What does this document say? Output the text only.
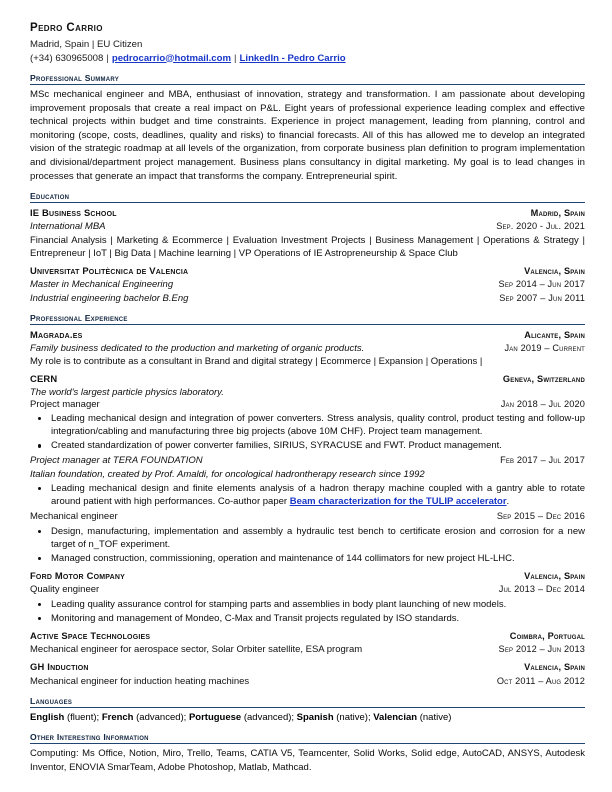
Pedro Carrio
Madrid, Spain | EU Citizen
(+34) 630965008 | pedrocarrio@hotmail.com | LinkedIn - Pedro Carrio
Professional Summary
MSc mechanical engineer and MBA, enthusiast of innovation, strategy and transformation. I am passionate about developing improvement proposals that create a real impact on P&L. Eight years of professional experience leading complex and effective technical projects within budget and time constraints. Experience in project management, leading from planning, control and monitoring (scope, costs, deadlines, quality and risks) to financial forecasts. All of this has allowed me to develop an integrated vision of the strategic roadmap at all levels of the organization, from corporate business plan definition to program implementation and divisional/department project management. Business plans consultancy in digital marketing. My goal is to lead changes in processes that generate an impact that transforms the company. Entrepreneurial spirit.
Education
IE Business School	Madrid, Spain
International MBA	Sep. 2020 - Jul. 2021
Financial Analysis | Marketing & Ecommerce | Evaluation Investment Projects | Business Management | Operations & Strategy | Entrepreneur | IoT | Big Data | Machine learning | VP Operations of IE Astropreneurship & Space Club
Universitat Politècnica de Valencia	Valencia, Spain
Master in Mechanical Engineering	Sep 2014 – Jun 2017
Industrial engineering bachelor B.Eng	Sep 2007 – Jun 2011
Professional Experience
Magrada.es	Alicante, Spain
Family business dedicated to the production and marketing of organic products.	Jan 2019 – Current
My role is to contribute as a consultant in Brand and digital strategy | Ecommerce | Expansion | Operations |
CERN	Geneva, Switzerland
The world's largest particle physics laboratory.
Project manager	Jan 2018 – Jul 2020
Leading mechanical design and integration of power converters. Stress analysis, quality control, product testing and follow-up integration/cabling and manufacturing three big projects (above 10M CHF). Project team management.
Created standardization of power converter families, SIRIUS, SYRACUSE and FWT. Product management.
Project manager at TERA FOUNDATION	Feb 2017 – Jul 2017
Italian foundation, created by Prof. Amaldi, for oncological hadrontherapy research since 1992
Leading mechanical design and finite elements analysis of a hadron therapy machine coupled with a gantry able to rotate around patient with high performances. Co-author paper Beam characterization for the TULIP accelerator.
Mechanical engineer	Sep 2015 – Dec 2016
Design, manufacturing, implementation and assembly a hydraulic test bench to certificate erosion and corrosion for a new target of n_TOF experiment.
Managed construction, commissioning, operation and maintenance of 144 collimators for new project HL-LHC.
Ford Motor Company	Valencia, Spain
Quality engineer	Jul 2013 – Dec 2014
Leading quality assurance control for stamping parts and assemblies in body plant launching of new models.
Monitoring and management of Mondeo, C-Max and Transit projects regulated by ISO standards.
Active Space Technologies	Coimbra, Portugal
Mechanical engineer for aerospace sector, Solar Orbiter satellite, ESA program	Sep 2012 – Jun 2013
GH Induction	Valencia, Spain
Mechanical engineer for induction heating machines	Oct 2011 – Aug 2012
Languages
English (fluent); French (advanced); Portuguese (advanced); Spanish (native); Valencian (native)
Other Interesting Information
Computing: Ms Office, Notion, Miro, Trello, Teams, CATIA V5, Teamcenter, Solid Works, Solid edge, AutoCAD, ANSYS, Autodesk Inventor, ENOVIA SmarTeam, Adobe Photoshop, Matlab, Mathcad.
